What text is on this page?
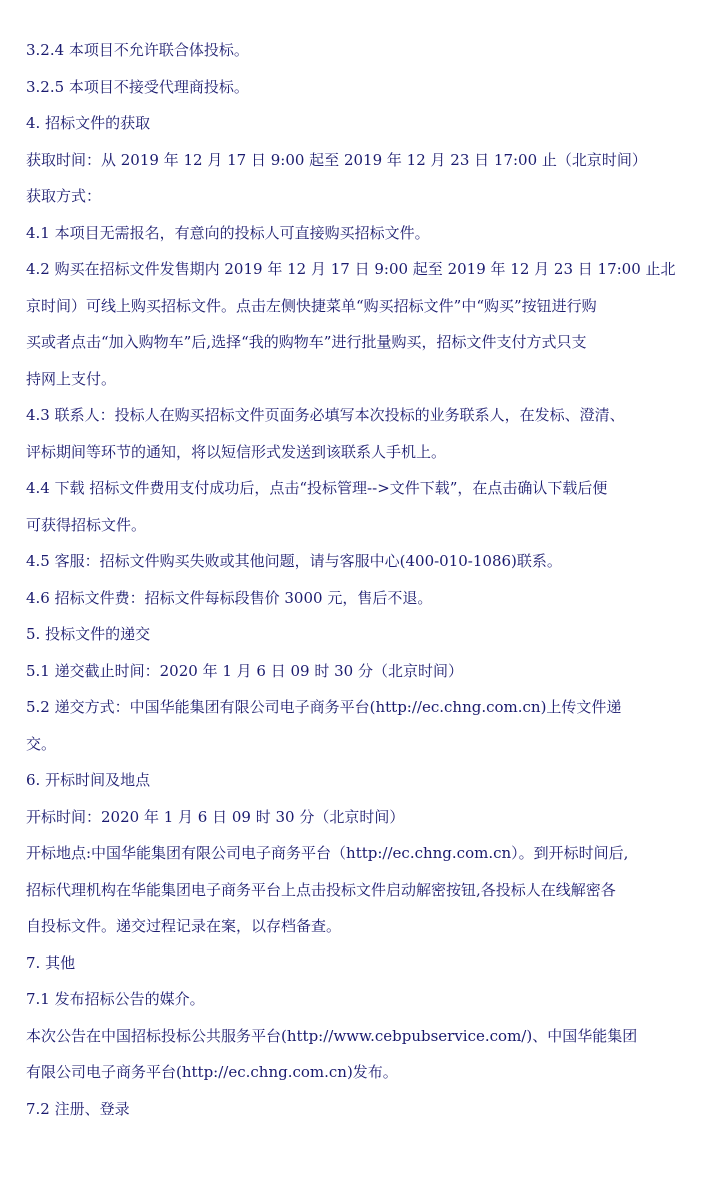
3.2.4 本项目不允许联合体投标。
3.2.5 本项目不接受代理商投标。
4. 招标文件的获取
获取时间：从 2019 年 12 月 17 日 9:00 起至 2019 年 12 月 23 日 17:00 止（北京时间）
获取方式：
4.1 本项目无需报名，有意向的投标人可直接购买招标文件。
4.2 购买在招标文件发售期内 2019 年 12 月 17 日 9:00 起至 2019 年 12 月 23 日 17:00 止北
京时间）可线上购买招标文件。点击左侧快捷菜单“购买招标文件”中“购买”按钮进行购
买或者点击“加入购物车”后,选择“我的购物车”进行批量购买，招标文件支付方式只支
持网上支付。
4.3 联系人：投标人在购买招标文件页面务必填写本次投标的业务联系人，在发标、澄清、
评标期间等环节的通知，将以短信形式发送到该联系人手机上。
4.4 下载 招标文件费用支付成功后，点击“投标管理-->文件下载”，在点击确认下载后便
可获得招标文件。
4.5 客服：招标文件购买失败或其他问题，请与客服中心(400-010-1086)联系。
4.6 招标文件费：招标文件每标段售价 3000 元，售后不退。
5. 投标文件的递交
5.1 递交截止时间：2020 年 1 月 6 日 09 时 30 分（北京时间）
5.2 递交方式：中国华能集团有限公司电子商务平台(http://ec.chng.com.cn)上传文件递
交。
6. 开标时间及地点
开标时间：2020 年 1 月 6 日 09 时 30 分（北京时间）
开标地点:中国华能集团有限公司电子商务平台（http://ec.chng.com.cn）。到开标时间后,
招标代理机构在华能集团电子商务平台上点击投标文件启动解密按钮,各投标人在线解密各
自投标文件。递交过程记录在案，以存档备查。
7. 其他
7.1 发布招标公告的媒介。
本次公告在中国招标投标公共服务平台(http://www.cebpubservice.com/)、中国华能集团
有限公司电子商务平台(http://ec.chng.com.cn)发布。
7.2 注册、登录
